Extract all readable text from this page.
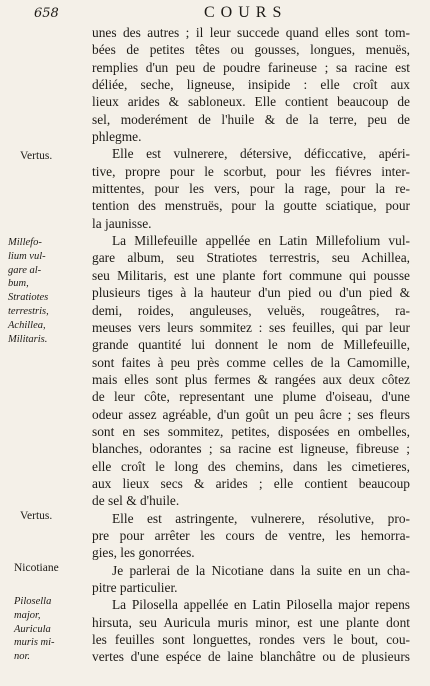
658	COURS
Vertus.
Millefo-
lium vul-
gare al-
bum,
Stratiotes
terrestris,
Achillea,
Militaris.
Vertus.
Nicotiane
Pilosella
major,
Auricula
muris mi-
nor.
unes des autres ; il leur succede quand elles sont tom-
bées de petites têtes ou gousses, longues, menuës,
remplies d'un peu de poudre farineuse ; sa racine est
déliée, seche, ligneuse, insipide : elle croît aux
lieux arides & sabloneux. Elle contient beaucoup de
sel, moderément de l'huile & de la terre, peu de
phlegme.
Elle est vulnerere, détersive, déficcative, apéri-
tive, propre pour le scorbut, pour les fiévres inter-
mittentes, pour les vers, pour la rage, pour la re-
tention des menstruës, pour la goutte sciatique, pour
la jaunisse.
La Millefeuille appellée en Latin Millefolium vul-
gare album, seu Stratiotes terrestris, seu Achillea,
seu Militaris, est une plante fort commune qui pousse
plusieurs tiges à la hauteur d'un pied ou d'un pied &
demi, roides, anguleuses, veluës, rougeâtres, ra-
meuses vers leurs sommitez : ses feuilles, qui par leur
grande quantité lui donnent le nom de Millefeuille,
sont faites à peu près comme celles de la Camomille,
mais elles sont plus fermes & rangées aux deux côtez
de leur côte, representant une plume d'oiseau, d'une
odeur assez agréable, d'un goût un peu âcre ; ses fleurs
sont en ses sommitez, petites, disposées en ombelles,
blanches, odorantes ; sa racine est ligneuse, fibreuse ;
elle croît le long des chemins, dans les cimetieres,
aux lieux secs & arides ; elle contient beaucoup
de sel & d'huile.
Elle est astringente, vulnerere, résolutive, pro-
pre pour arrêter les cours de ventre, les hemorra-
gies, les gonorrées.
Je parlerai de la Nicotiane dans la suite en un cha-
pitre particulier.
La Pilosella appellée en Latin Pilosella major repens
hirsuta, seu Auricula muris minor, est une plante dont
les feuilles sont longuettes, rondes vers le bout, cou-
vertes d'une espéce de laine blanchâtre ou de plusieurs
